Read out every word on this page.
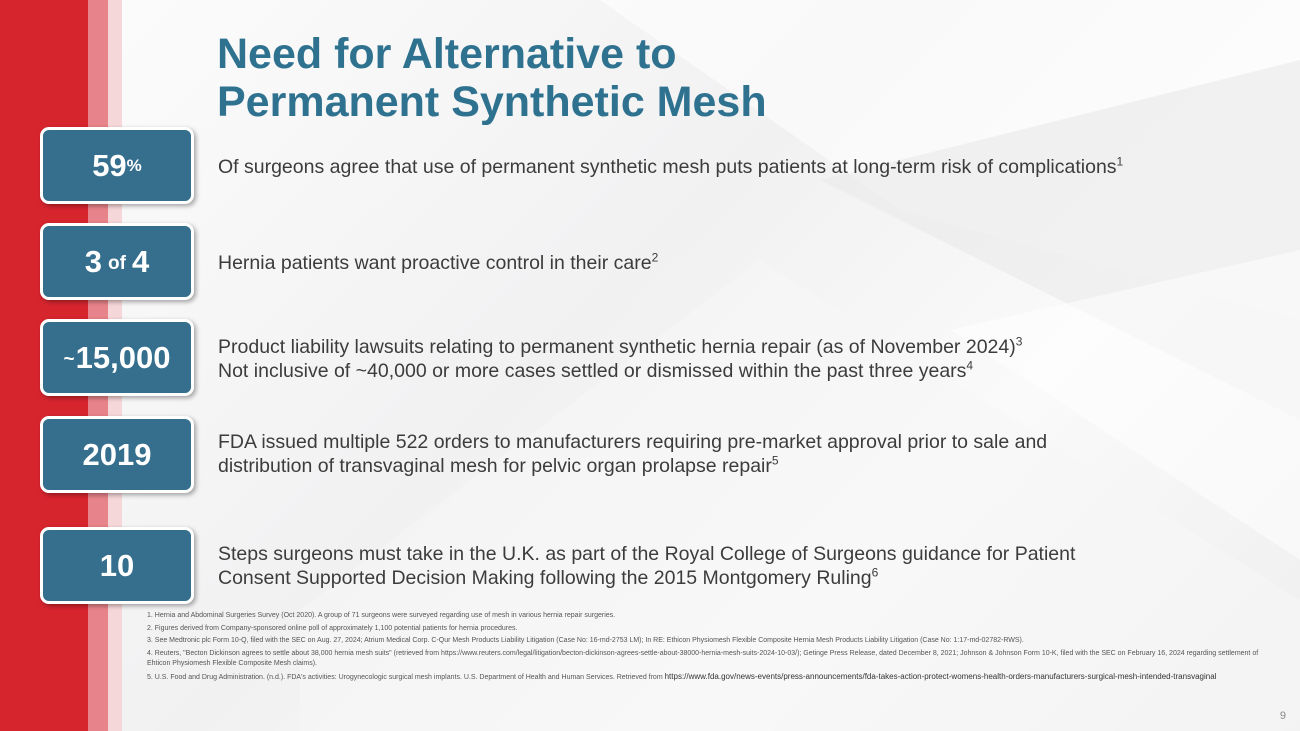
Need for Alternative to
Permanent Synthetic Mesh
59 %	Of surgeons agree that use of permanent synthetic mesh puts patients at long-term risk of complications$^1$

3 of 4	Hernia patients want proactive control in their care$^2$

~ 15,000 Product liability lawsuits relating to permanent synthetic hernia repair (as of November 2024)$^3$

Not inclusive of ~40,000 or more cases settled or dismissed within the past three years$^4$

2019	FDA issued multiple 522 orders to manufacturers requiring pre-market approval prior to sale and

distribution of transvaginal mesh for pelvic organ prolapse repair$^5$

10	Steps surgeons must take in the U.K. as part of the Royal College of Surgeons guidance for Patient

Consent Supported Decision Making following the 2015 Montgomery Ruling$^6$

1. Hernia and Abdominal Surgeries Survey (Oct 2020). A group of 71 surgeons were surveyed regarding use of mesh in various hernia repair surgeries.

2. Figures derived from Company-sponsored online poll of approximately 1,100 potential patients for hernia procedures.

3. See Medtronic plc Form 10-Q, filed with the SEC on Aug. 27, 2024; Atrium Medical Corp. C-Qur Mesh Products Liability Litigation (Case No: 16-md-2753 LM); In RE: Ethicon Physiomesh Flexible Composite Hernia Mesh Products Liability Litigation (Case No: 1:17-md-02782-RWS).

4. Reuters, "Becton Dickinson agrees to settle about 38,000 hernia mesh suits" (retrieved from https://www.reuters.com/legal/litigation/becton-dickinson-agrees-settle-about-38000-hernia-mesh-suits-2024-10-03/); Getinge Press Release, dated December 8, 2021; Johnson & Johnson Form 10-K, filed with the SEC on February 16, 2024 regarding settlement of Ehticon Physiomesh Flexible Composite Mesh claims).

5. U.S. Food and Drug Administration. (n.d.). FDA's activities: Urogynecologic surgical mesh implants. U.S. Department of Health and Human Services. Retrieved from https://www.fda.gov/news-events/press-announcements/fda-takes-action-protect-womens-health-orders-manufacturers-surgical-mesh-intended-transvaginal

9
